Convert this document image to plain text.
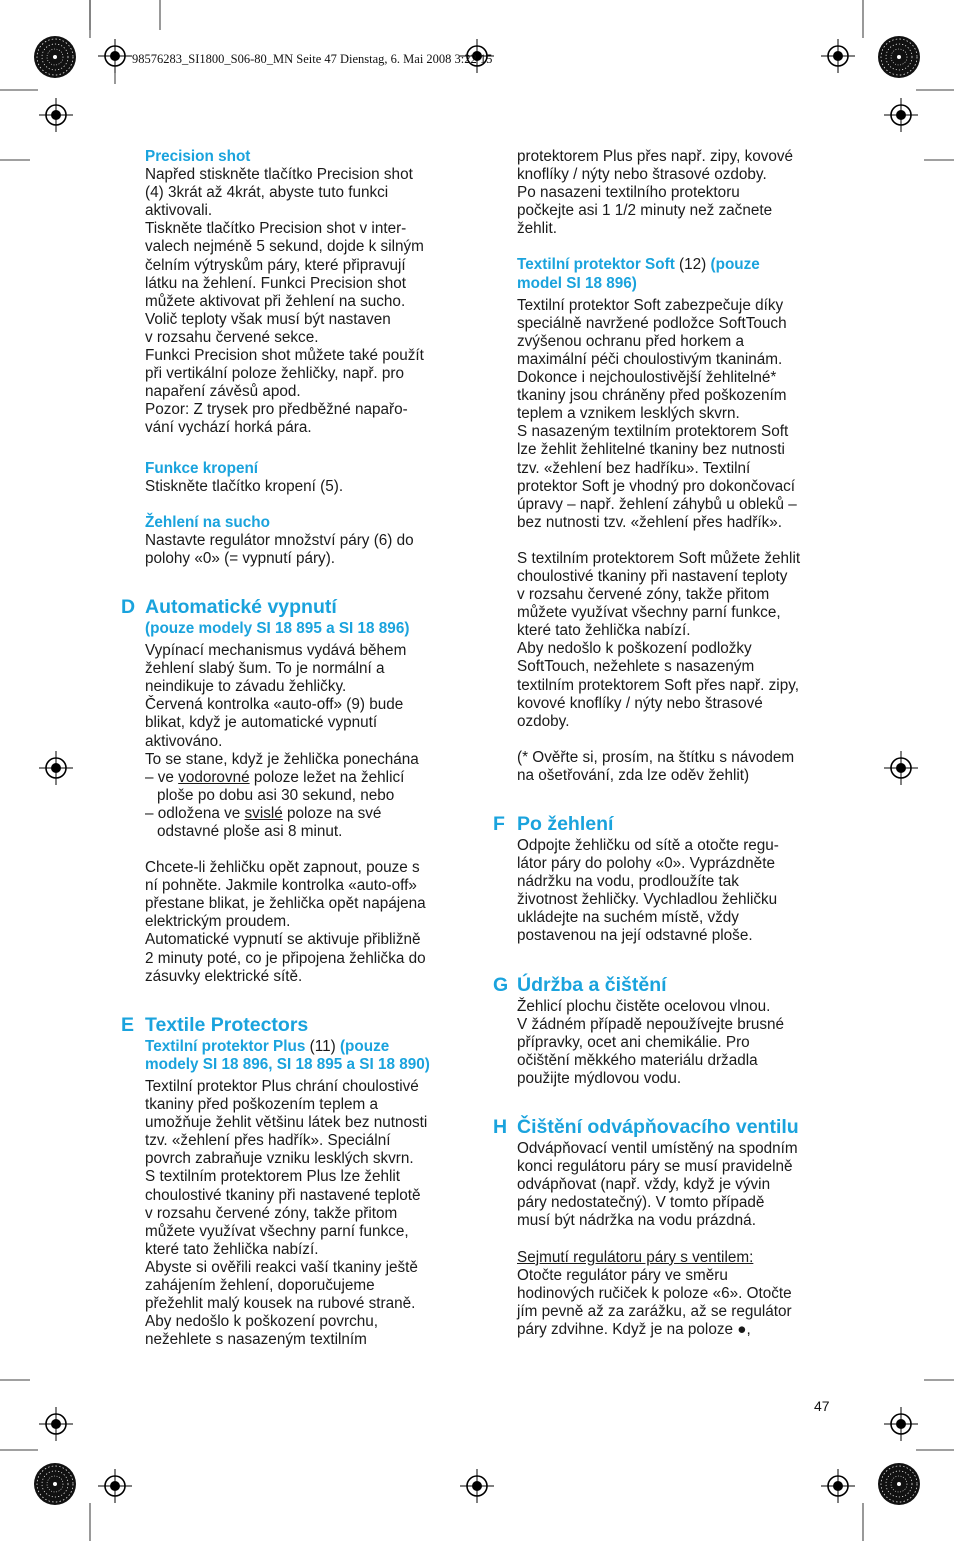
98576283_SI1800_S06-80_MN Seite 47 Dienstag, 6. Mai 2008 3:22 15

Precision shot

Napřed stiskněte tlačítko Precision shot
(4) 3krát až 4krát, abyste tuto funkci
aktivovali.
Tiskněte tlačítko Precision shot v inter-
valech nejméně 5 sekund, dojde k silným
čelním výtryskům páry, které připravují
látku na žehlení. Funkci Precision shot
můžete aktivovat při žehlení na sucho.
Volič teploty však musí být nastaven
v rozsahu červené sekce.
Funkci Precision shot můžete také použít
při vertikální poloze žehličky, např. pro
napaření závěsů apod.
Pozor: Z trysek pro předběžné napařo-
vání vychází horká pára.

Funkce kropení

Stiskněte tlačítko kropení (5).

Žehlení na sucho

Nastavte regulátor množství páry (6) do
polohy «0» (= vypnutí páry).

D Automatické vypnutí

(pouze modely SI 18 895 a SI 18 896)

Vypínací mechanismus vydává během
žehlení slabý šum. To je normální a
neindikuje to závadu žehličky.
Červená kontrolka «auto-off» (9) bude
blikat, když je automatické vypnutí
aktivováno.
To se stane, když je žehlička ponechána

– ve vodorovné poloze ležet na žehlicí
ploše po dobu asi 30 sekund, nebo

– odložena ve svislé poloze na své
odstavné ploše asi 8 minut.

Chcete-li žehličku opět zapnout, pouze s
ní pohněte. Jakmile kontrolka «auto-off»
přestane blikat, je žehlička opět napájena
elektrickým proudem.
Automatické vypnutí se aktivuje přibližně
2 minuty poté, co je připojena žehlička do
zásuvky elektrické sítě.

E Textile Protectors

Textilní protektor Plus (11) (pouze
modely SI 18 896, SI 18 895 a SI 18 890)

Textilní protektor Plus chrání choulostivé
tkaniny před poškozením teplem a
umožňuje žehlit většinu látek bez nutnosti
tzv. «žehlení přes hadřík». Speciální
povrch zabraňuje vzniku lesklých skvrn.
S textilním protektorem Plus lze žehlit
choulostivé tkaniny při nastavené teplotě
v rozsahu červené zóny, takže přitom
můžete využívat všechny parní funkce,
které tato žehlička nabízí.
Abyste si ověřili reakci vaší tkaniny ještě
zahájením žehlení, doporučujeme
přežehlit malý kousek na rubové straně.
Aby nedošlo k poškození povrchu,
nežehlete s nasazeným textilním

protektorem Plus přes např. zipy, kovové
knoflíky / nýty nebo štrasové ozdoby.
Po nasazeni textilního protektoru
počkejte asi 1 1/2 minuty než začnete
žehlit.

Textilní protektor Soft (12) (pouze
model SI 18 896)

Textilní protektor Soft zabezpečuje díky
speciálně navržené podložce SoftTouch
zvýšenou ochranu před horkem a
maximální péči choulostivým tkaninám.
Dokonce i nejchoulostivější žehlitelné*
tkaniny jsou chráněny před poškozením
teplem a vznikem lesklých skvrn.
S nasazeným textilním protektorem Soft
lze žehlit žehlitelné tkaniny bez nutnosti
tzv. «žehlení bez hadříku». Textilní
protektor Soft je vhodný pro dokončovací
úpravy – např. žehlení záhybů u obleků –
bez nutnosti tzv. «žehlení přes hadřík».

S textilním protektorem Soft můžete žehlit
choulostivé tkaniny při nastavení teploty
v rozsahu červené zóny, takže přitom
můžete využívat všechny parní funkce,
které tato žehlička nabízí.
Aby nedošlo k poškození podložky
SoftTouch, nežehlete s nasazeným
textilním protektorem Soft přes např. zipy,
kovové knoflíky / nýty nebo štrasové
ozdoby.

(* Ověřte si, prosím, na štítku s návodem
na ošetřování, zda lze oděv žehlit)

F Po žehlení

Odpojte žehličku od sítě a otočte regu-
látor páry do polohy «0». Vyprázdněte
nádržku na vodu, prodloužíte tak
životnost žehličky. Vychladlou žehličku
ukládejte na suchém místě, vždy
postavenou na její odstavné ploše.

G Údržba a čištění

Žehlicí plochu čistěte ocelovou vlnou.
V žádném případě nepoužívejte brusné
přípravky, ocet ani chemikálie. Pro
očištění měkkého materiálu držadla
použijte mýdlovou vodu.

H Čištění odvápňovacího ventilu

Odvápňovací ventil umístěný na spodním
konci regulátoru páry se musí pravidelně
odvápňovat (např. vždy, když je vývin
páry nedostatečný). V tomto případě
musí být nádržka na vodu prázdná.

Sejmutí regulátoru páry s ventilem:

Otočte regulátor páry ve směru
hodinových ručiček k poloze «6». Otočte
jím pevně až za zarážku, až se regulátor
páry zdvihne. Když je na poloze ●,

47
